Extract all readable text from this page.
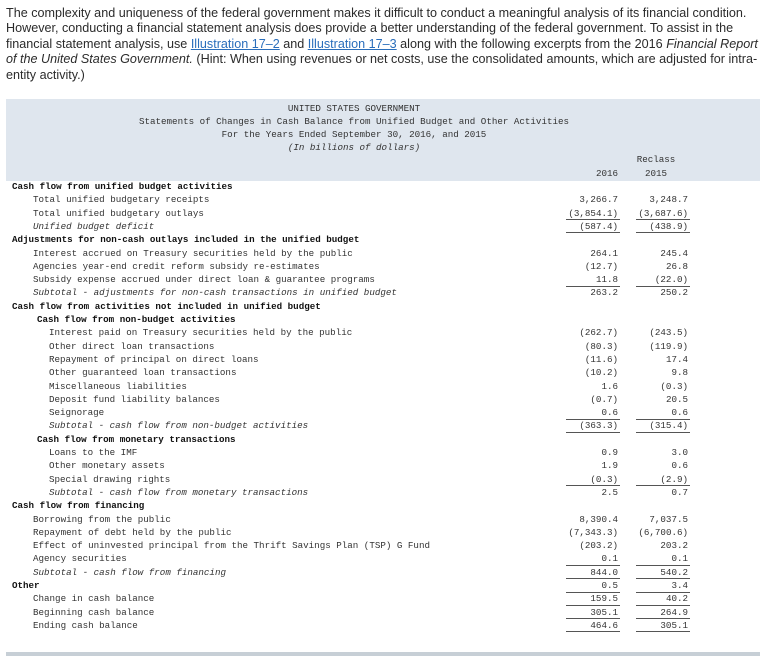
The complexity and uniqueness of the federal government makes it difficult to conduct a meaningful analysis of its financial condition. However, conducting a financial statement analysis does provide a better understanding of the federal government. To assist in the financial statement analysis, use Illustration 17–2 and Illustration 17–3 along with the following excerpts from the 2016 Financial Report of the United States Government. (Hint: When using revenues or net costs, use the consolidated amounts, which are adjusted for intra-entity activity.)
UNITED STATES GOVERNMENT
Statements of Changes in Cash Balance from Unified Budget and Other Activities
For the Years Ended September 30, 2016, and 2015
(In billions of dollars)
2016
Reclass
2015
Cash flow from unified budget activities
Total unified budgetary receipts	3,266.7	3,248.7
Total unified budgetary outlays	(3,854.1) (3,687.6)
Unified budget deficit	(587.4)	(438.9)
Adjustments for non-cash outlays included in the unified budget
Interest accrued on Treasury securities held by the public	264.1	245.4
Agencies year-end credit reform subsidy re-estimates	(12.7)	26.8
Subsidy expense accrued under direct loan & guarantee programs	11.8	(22.0)
Subtotal - adjustments for non-cash transactions in unified budget	263.2	250.2
Cash flow from activities not included in unified budget
Cash flow from non-budget activities
Interest paid on Treasury securities held by the public	(262.7)	(243.5)
Other direct loan transactions	(80.3)	(119.9)
Repayment of principal on direct loans	(11.6)	17.4
Other guaranteed loan transactions	(10.2)	9.8
Miscellaneous liabilities	1.6	(0.3)
Deposit fund liability balances	(0.7)	20.5
Seignorage	0.6	0.6
Subtotal - cash flow from non-budget activities	(363.3)	(315.4)
Cash flow from monetary transactions
Loans to the IMF	0.9	3.0
Other monetary assets	1.9	0.6
Special drawing rights	(0.3)	(2.9)
Subtotal - cash flow from monetary transactions	2.5	0.7
Cash flow from financing
Borrowing from the public	8,390.4	7,037.5
Repayment of debt held by the public	(7,343.3) (6,700.6)
Effect of uninvested principal from the Thrift Savings Plan (TSP) G Fund	(203.2)	203.2
Agency securities	0.1	0.1
Subtotal - cash flow from financing	844.0	540.2
Other	0.5	3.4
Change in cash balance	159.5	40.2
Beginning cash balance	305.1	264.9
Ending cash balance	464.6	305.1
